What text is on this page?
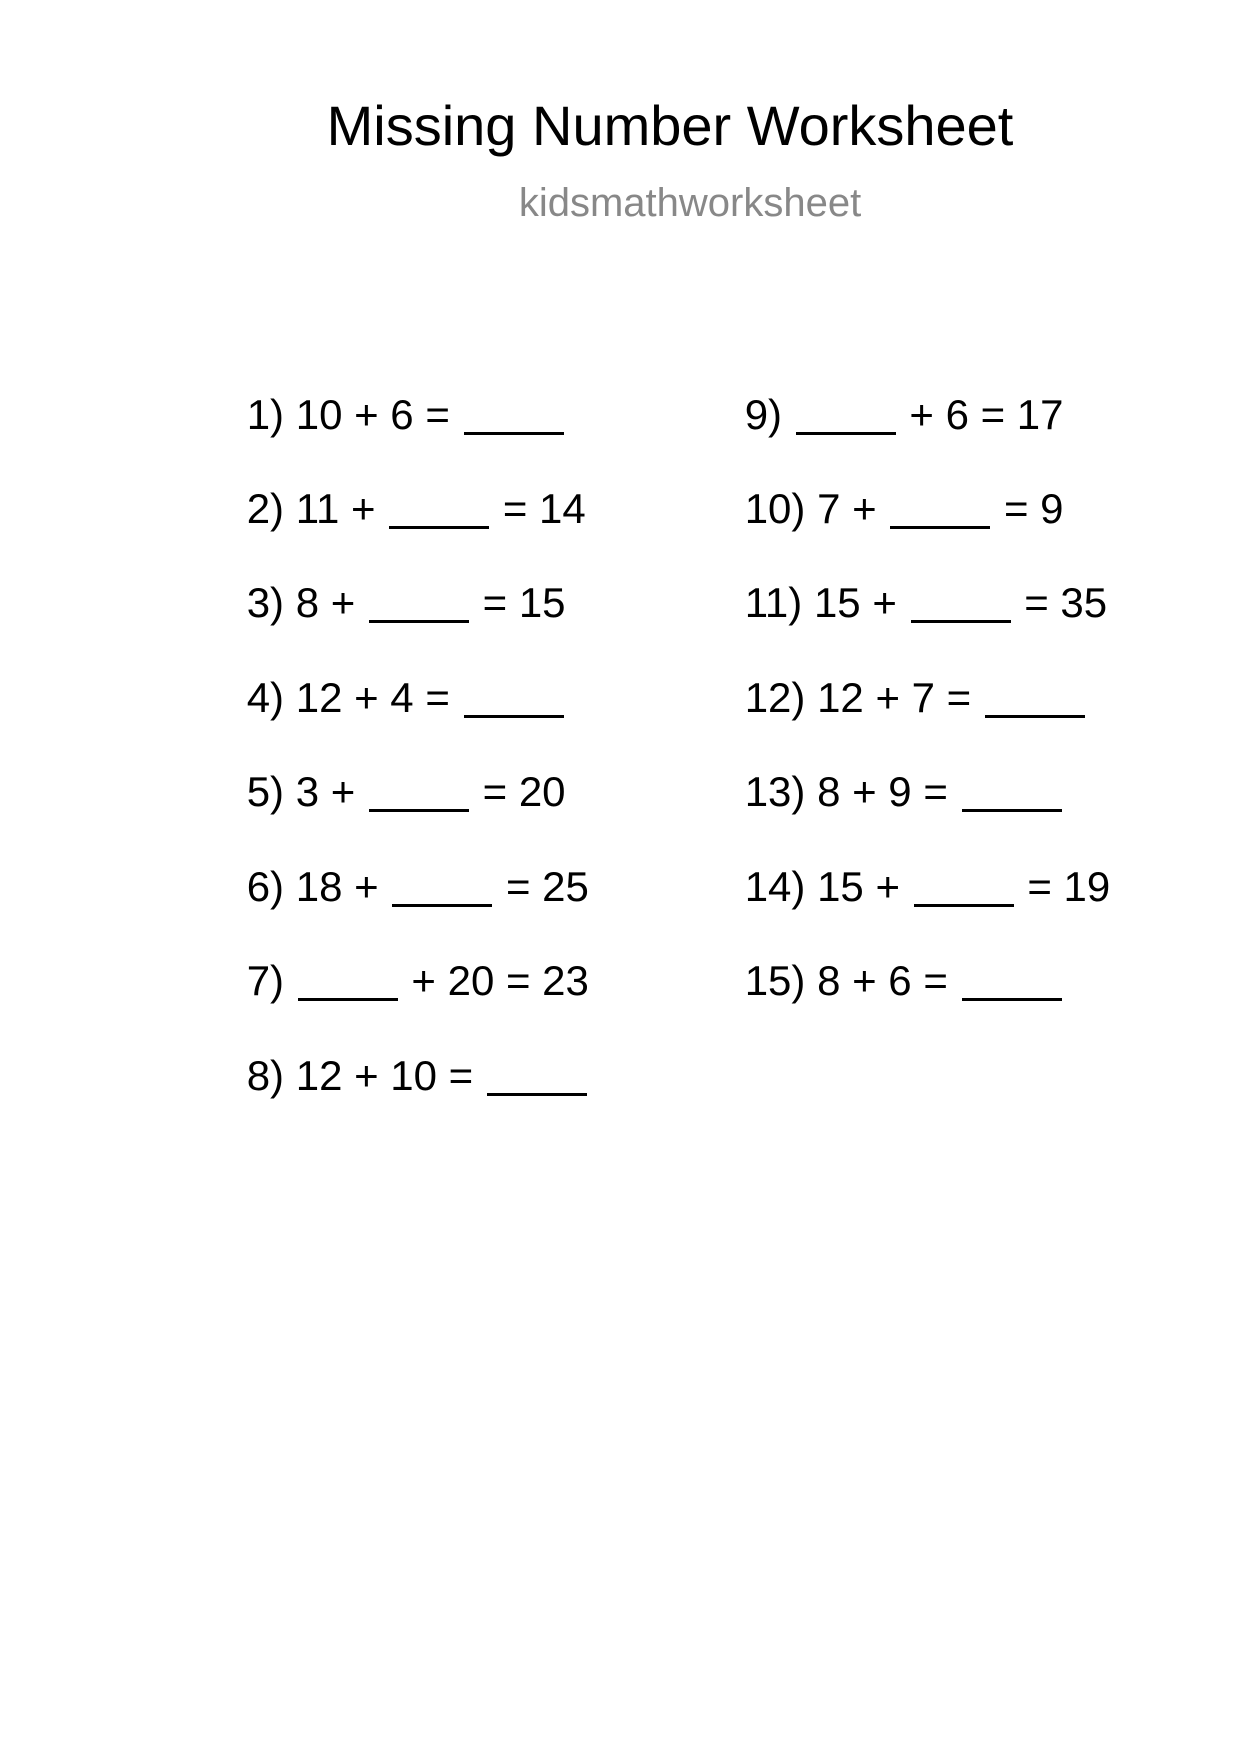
Missing Number Worksheet
kidsmathworksheet

1) 10 + 6 =

2) 11 +  = 14

3) 8 +  = 15

4) 12 + 4 =

5) 3 +  = 20

6) 18 +  = 25

7)	+ 20 = 23

8) 12 + 10 =

9)	+ 6 = 17

10) 7 +  = 9

11) 15 +  = 35

12) 12 + 7 =

13) 8 + 9 =

14) 15 +  = 19

15) 8 + 6 =
